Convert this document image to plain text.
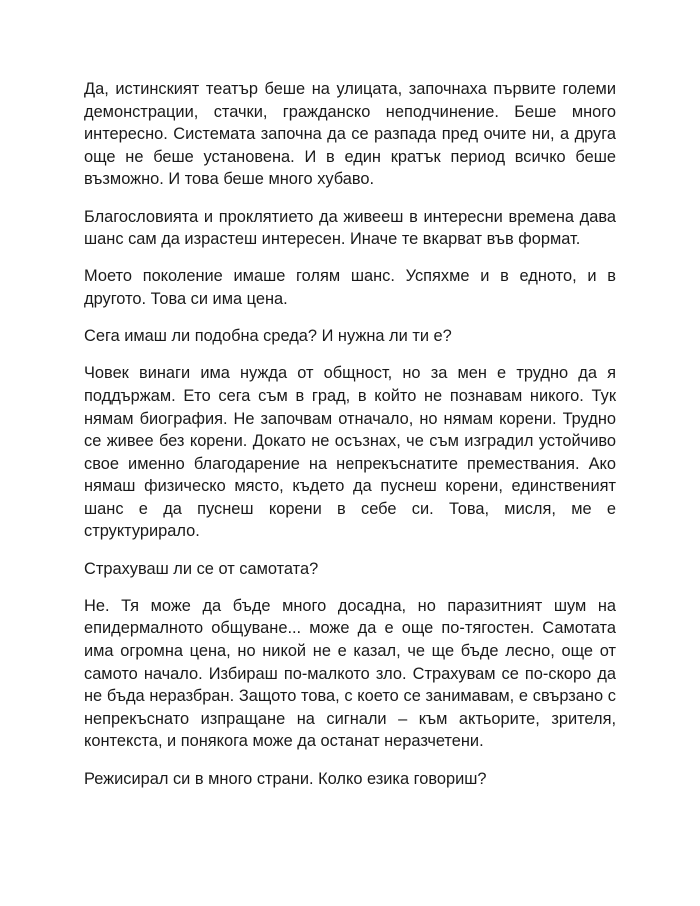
Да, истинският театър беше на улицата, започнаха първите големи демонстрации, стачки, гражданско неподчинение. Беше много интересно. Системата започна да се разпада пред очите ни, а друга още не беше установена. И в един кратък период всичко беше възможно. И това беше много хубаво.

Благословията и проклятието да живееш в интересни времена дава шанс сам да израстеш интересен. Иначе те вкарват във формат.

Моето поколение имаше голям шанс. Успяхме и в едното, и в другото. Това си има цена.

Сега имаш ли подобна среда? И нужна ли ти е?

Човек винаги има нужда от общност, но за мен е трудно да я поддържам. Ето сега съм в град, в който не познавам никого. Тук нямам биография. Не започвам отначало, но нямам корени. Трудно се живее без корени. Докато не осъзнах, че съм изградил устойчиво свое именно благодарение на непрекъснатите премествания. Ако нямаш физическо място, където да пуснеш корени, единственият шанс е да пуснеш корени в себе си. Това, мисля, ме е структурирало.

Страхуваш ли се от самотата?

Не. Тя може да бъде много досадна, но паразитният шум на епидермалното общуване... може да е още по-тягостен. Самотата има огромна цена, но никой не е казал, че ще бъде лесно, още от самото начало. Избираш по-малкото зло. Страхувам се по-скоро да не бъда неразбран. Защото това, с което се занимавам, е свързано с непрекъснато изпращане на сигнали – към актьорите, зрителя, контекста, и понякога може да останат неразчетени.

Режисирал си в много страни. Колко езика говориш?
